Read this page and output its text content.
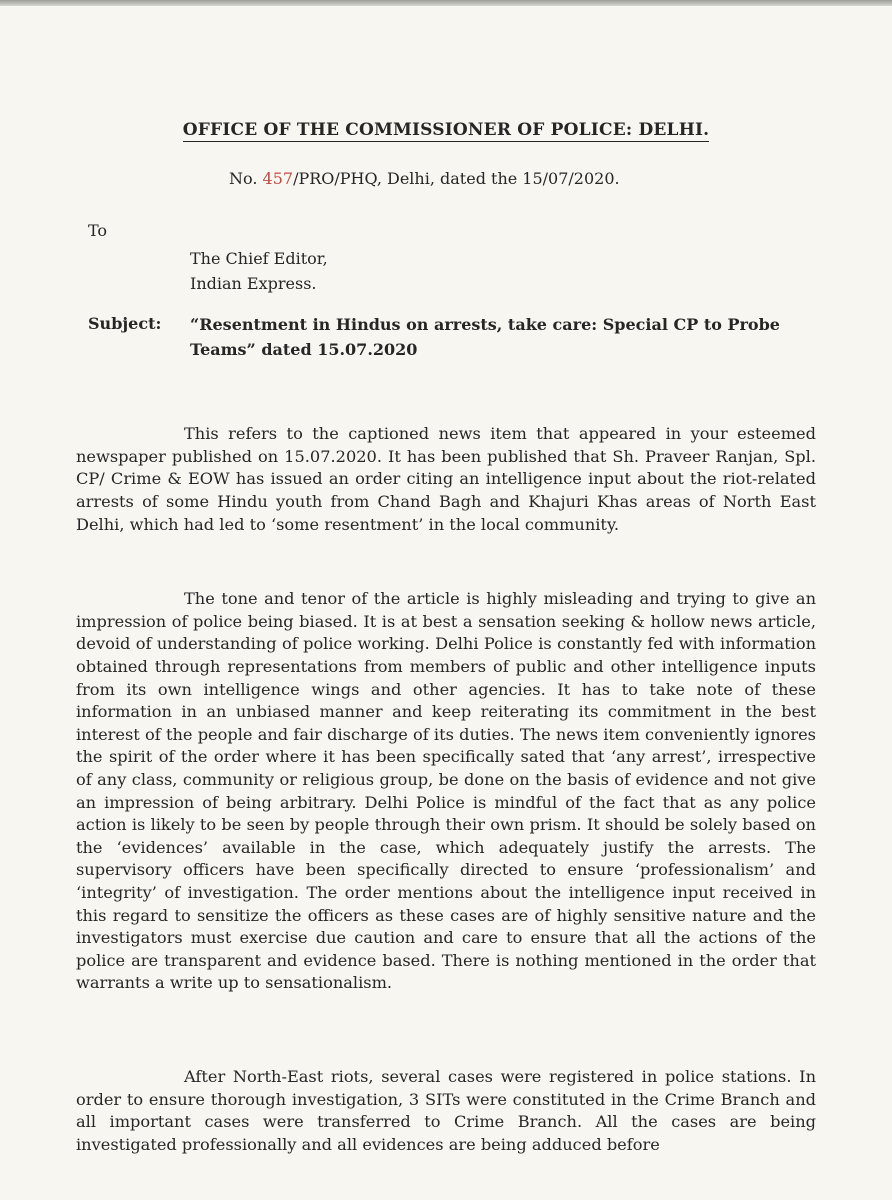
OFFICE OF THE COMMISSIONER OF POLICE: DELHI.
No. 457/PRO/PHQ, Delhi, dated the 15/07/2020.
To
The Chief Editor,
Indian Express.
Subject: “Resentment in Hindus on arrests, take care: Special CP to Probe Teams” dated 15.07.2020

This refers to the captioned news item that appeared in your esteemed newspaper published on 15.07.2020. It has been published that Sh. Praveer Ranjan, Spl. CP/ Crime & EOW has issued an order citing an intelligence input about the riot-related arrests of some Hindu youth from Chand Bagh and Khajuri Khas areas of North East Delhi, which had led to ‘some resentment’ in the local community.

The tone and tenor of the article is highly misleading and trying to give an impression of police being biased. It is at best a sensation seeking & hollow news article, devoid of understanding of police working. Delhi Police is constantly fed with information obtained through representations from members of public and other intelligence inputs from its own intelligence wings and other agencies. It has to take note of these information in an unbiased manner and keep reiterating its commitment in the best interest of the people and fair discharge of its duties. The news item conveniently ignores the spirit of the order where it has been specifically sated that ‘any arrest’, irrespective of any class, community or religious group, be done on the basis of evidence and not give an impression of being arbitrary. Delhi Police is mindful of the fact that as any police action is likely to be seen by people through their own prism. It should be solely based on the ‘evidences’ available in the case, which adequately justify the arrests. The supervisory officers have been specifically directed to ensure ‘professionalism’ and ‘integrity’ of investigation. The order mentions about the intelligence input received in this regard to sensitize the officers as these cases are of highly sensitive nature and the investigators must exercise due caution and care to ensure that all the actions of the police are transparent and evidence based. There is nothing mentioned in the order that warrants a write up to sensationalism.

After North-East riots, several cases were registered in police stations. In order to ensure thorough investigation, 3 SITs were constituted in the Crime Branch and all important cases were transferred to Crime Branch. All the cases are being investigated professionally and all evidences are being adduced before
